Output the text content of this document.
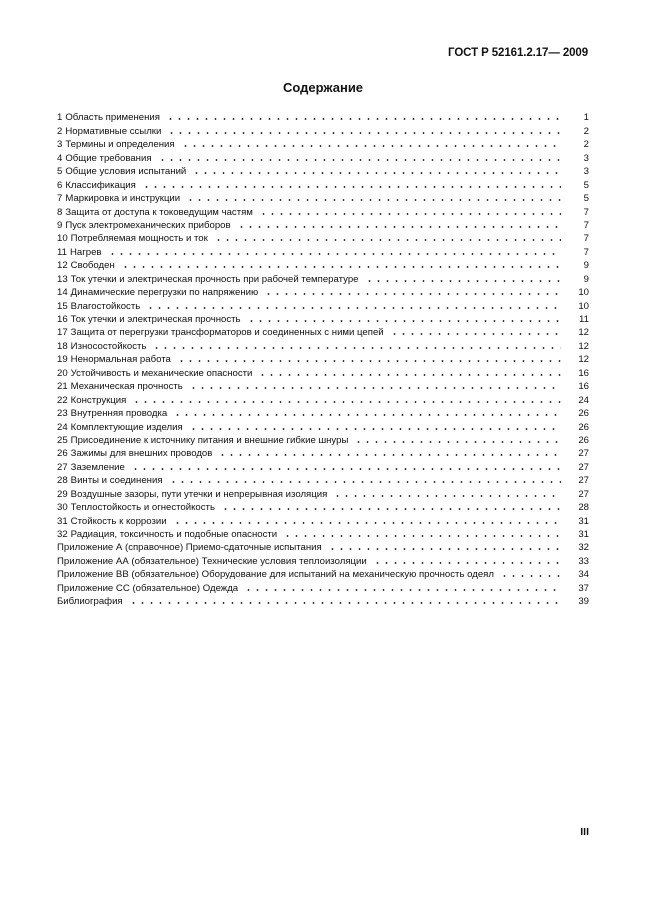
ГОСТ Р 52161.2.17— 2009
Содержание
1 Область применения	1
2 Нормативные ссылки	2
3 Термины и определения	2
4 Общие требования	3
5 Общие условия испытаний	3
6 Классификация	5
7 Маркировка и инструкции	5
8 Защита от доступа к токоведущим частям	7
9 Пуск электромеханических приборов	7
10 Потребляемая мощность и ток	7
11 Нагрев	7
12 Свободен	9
13 Ток утечки и электрическая прочность при рабочей температуре	9
14 Динамические перегрузки по напряжению	10
15 Влагостойкость	10
16 Ток утечки и электрическая прочность	11
17 Защита от перегрузки трансформаторов и соединенных с ними цепей	12
18 Износостойкость	12
19 Ненормальная работа	12
20 Устойчивость и механические опасности	16
21 Механическая прочность	16
22 Конструкция	24
23 Внутренняя проводка	26
24 Комплектующие изделия	26
25 Присоединение к источнику питания и внешние гибкие шнуры	26
26 Зажимы для внешних проводов	27
27 Заземление	27
28 Винты и соединения	27
29 Воздушные зазоры, пути утечки и непрерывная изоляция	27
30 Теплостойкость и огнестойкость	28
31 Стойкость к коррозии	31
32 Радиация, токсичность и подобные опасности	31
Приложение А (справочное) Приемо-сдаточные испытания	32
Приложение АА (обязательное) Технические условия теплоизоляции	33
Приложение ВВ (обязательное) Оборудование для испытаний на механическую прочность одеял	34
Приложение СС (обязательное) Одежда	37
Библиография	39
III
